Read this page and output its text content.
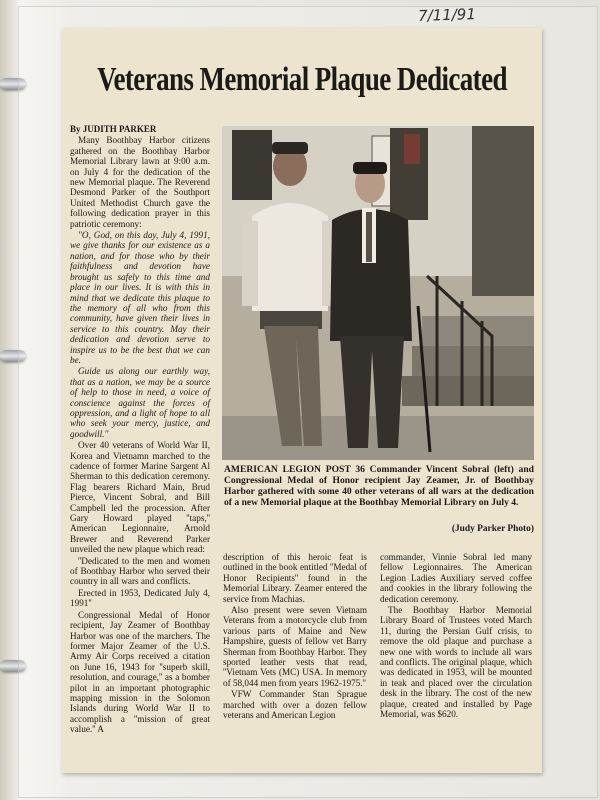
7/11/91
Veterans Memorial Plaque Dedicated

By JUDITH PARKER

Many Boothbay Harbor citizens gathered on the Boothbay Harbor Memorial Library lawn at 9:00 a.m. on July 4 for the dedication of the new Memorial plaque. The Reverend Desmond Parker of the Southport United Methodist Church gave the following dedication prayer in this patriotic ceremony:

''O, God, on this day, July 4, 1991, we give thanks for our existence as a nation, and for those who by their faithfulness and devotion have brought us safely to this time and place in our lives. It is with this in mind that we dedicate this plaque to the memory of all who from this community, have given their lives in service to this country. May their dedication and devotion serve to inspire us to be the best that we can be.

Guide us along our earthly way, that as a nation, we may be a source of help to those in need, a voice of conscience against the forces of oppression, and a light of hope to all who seek your mercy, justice, and goodwill.''

Over 40 veterans of World War II, Korea and Vietnamn marched to the cadence of former Marine Sargent Al Sherman to this dedication ceremony. Flag bearers Richard Main, Brud Pierce, Vincent Sobral, and Bill Campbell led the procession. After Gary Howard played ''taps,'' American Legionnaire, Arnold Brewer and Reverend Parker unveiled the new plaque which read:

''Dedicated to the men and women of Boothbay Harbor who served their country in all wars and conflicts.

Erected in 1953, Dedicated July 4, 1991''

Congressional Medal of Honor recipient, Jay Zeamer of Boothbay Harbor was one of the marchers. The former Major Zeamer of the U.S. Army Air Corps received a citation on June 16, 1943 for ''superb skill, resolution, and courage,'' as a bomber pilot in an important photographic mapping mission in the Solomon Islands during World War II to accomplish a ''mission of great value.'' A

AMERICAN LEGION POST 36 Commander Vincent Sobral (left) and Congressional Medal of Honor recipient Jay Zeamer, Jr. of Boothbay Harbor gathered with some 40 other veterans of all wars at the dedication of a new Memorial plaque at the Boothbay Memorial Library on July 4.
(Judy Parker Photo)

description of this heroic feat is outlined in the book entitled ''Medal of Honor Recipients'' found in the Memorial Library. Zeamer entered the service from Machias.

Also present were seven Vietnam Veterans from a motorcycle club from various parts of Maine and New Hampshire, guests of fellow vet Barry Sherman from Boothbay Harbor. They sported leather vests that read, ''Vietnam Vets (MC) USA. In memory of 58,044 men from years 1962-1975.''

VFW Commander Stan Sprague marched with over a dozen fellow veterans and American Legion

commander, Vinnie Sobral led many fellow Legionnaires. The American Legion Ladies Auxiliary served coffee and cookies in the library following the dedication ceremony.

The Boothbay Harbor Memorial Library Board of Trustees voted March 11, during the Persian Gulf crisis, to remove the old plaque and purchase a new one with words to include all wars and conflicts. The original plaque, which was dedicated in 1953, will be mounted in teak and placed over the circulation desk in the library. The cost of the new plaque, created and installed by Page Memorial, was $620.
